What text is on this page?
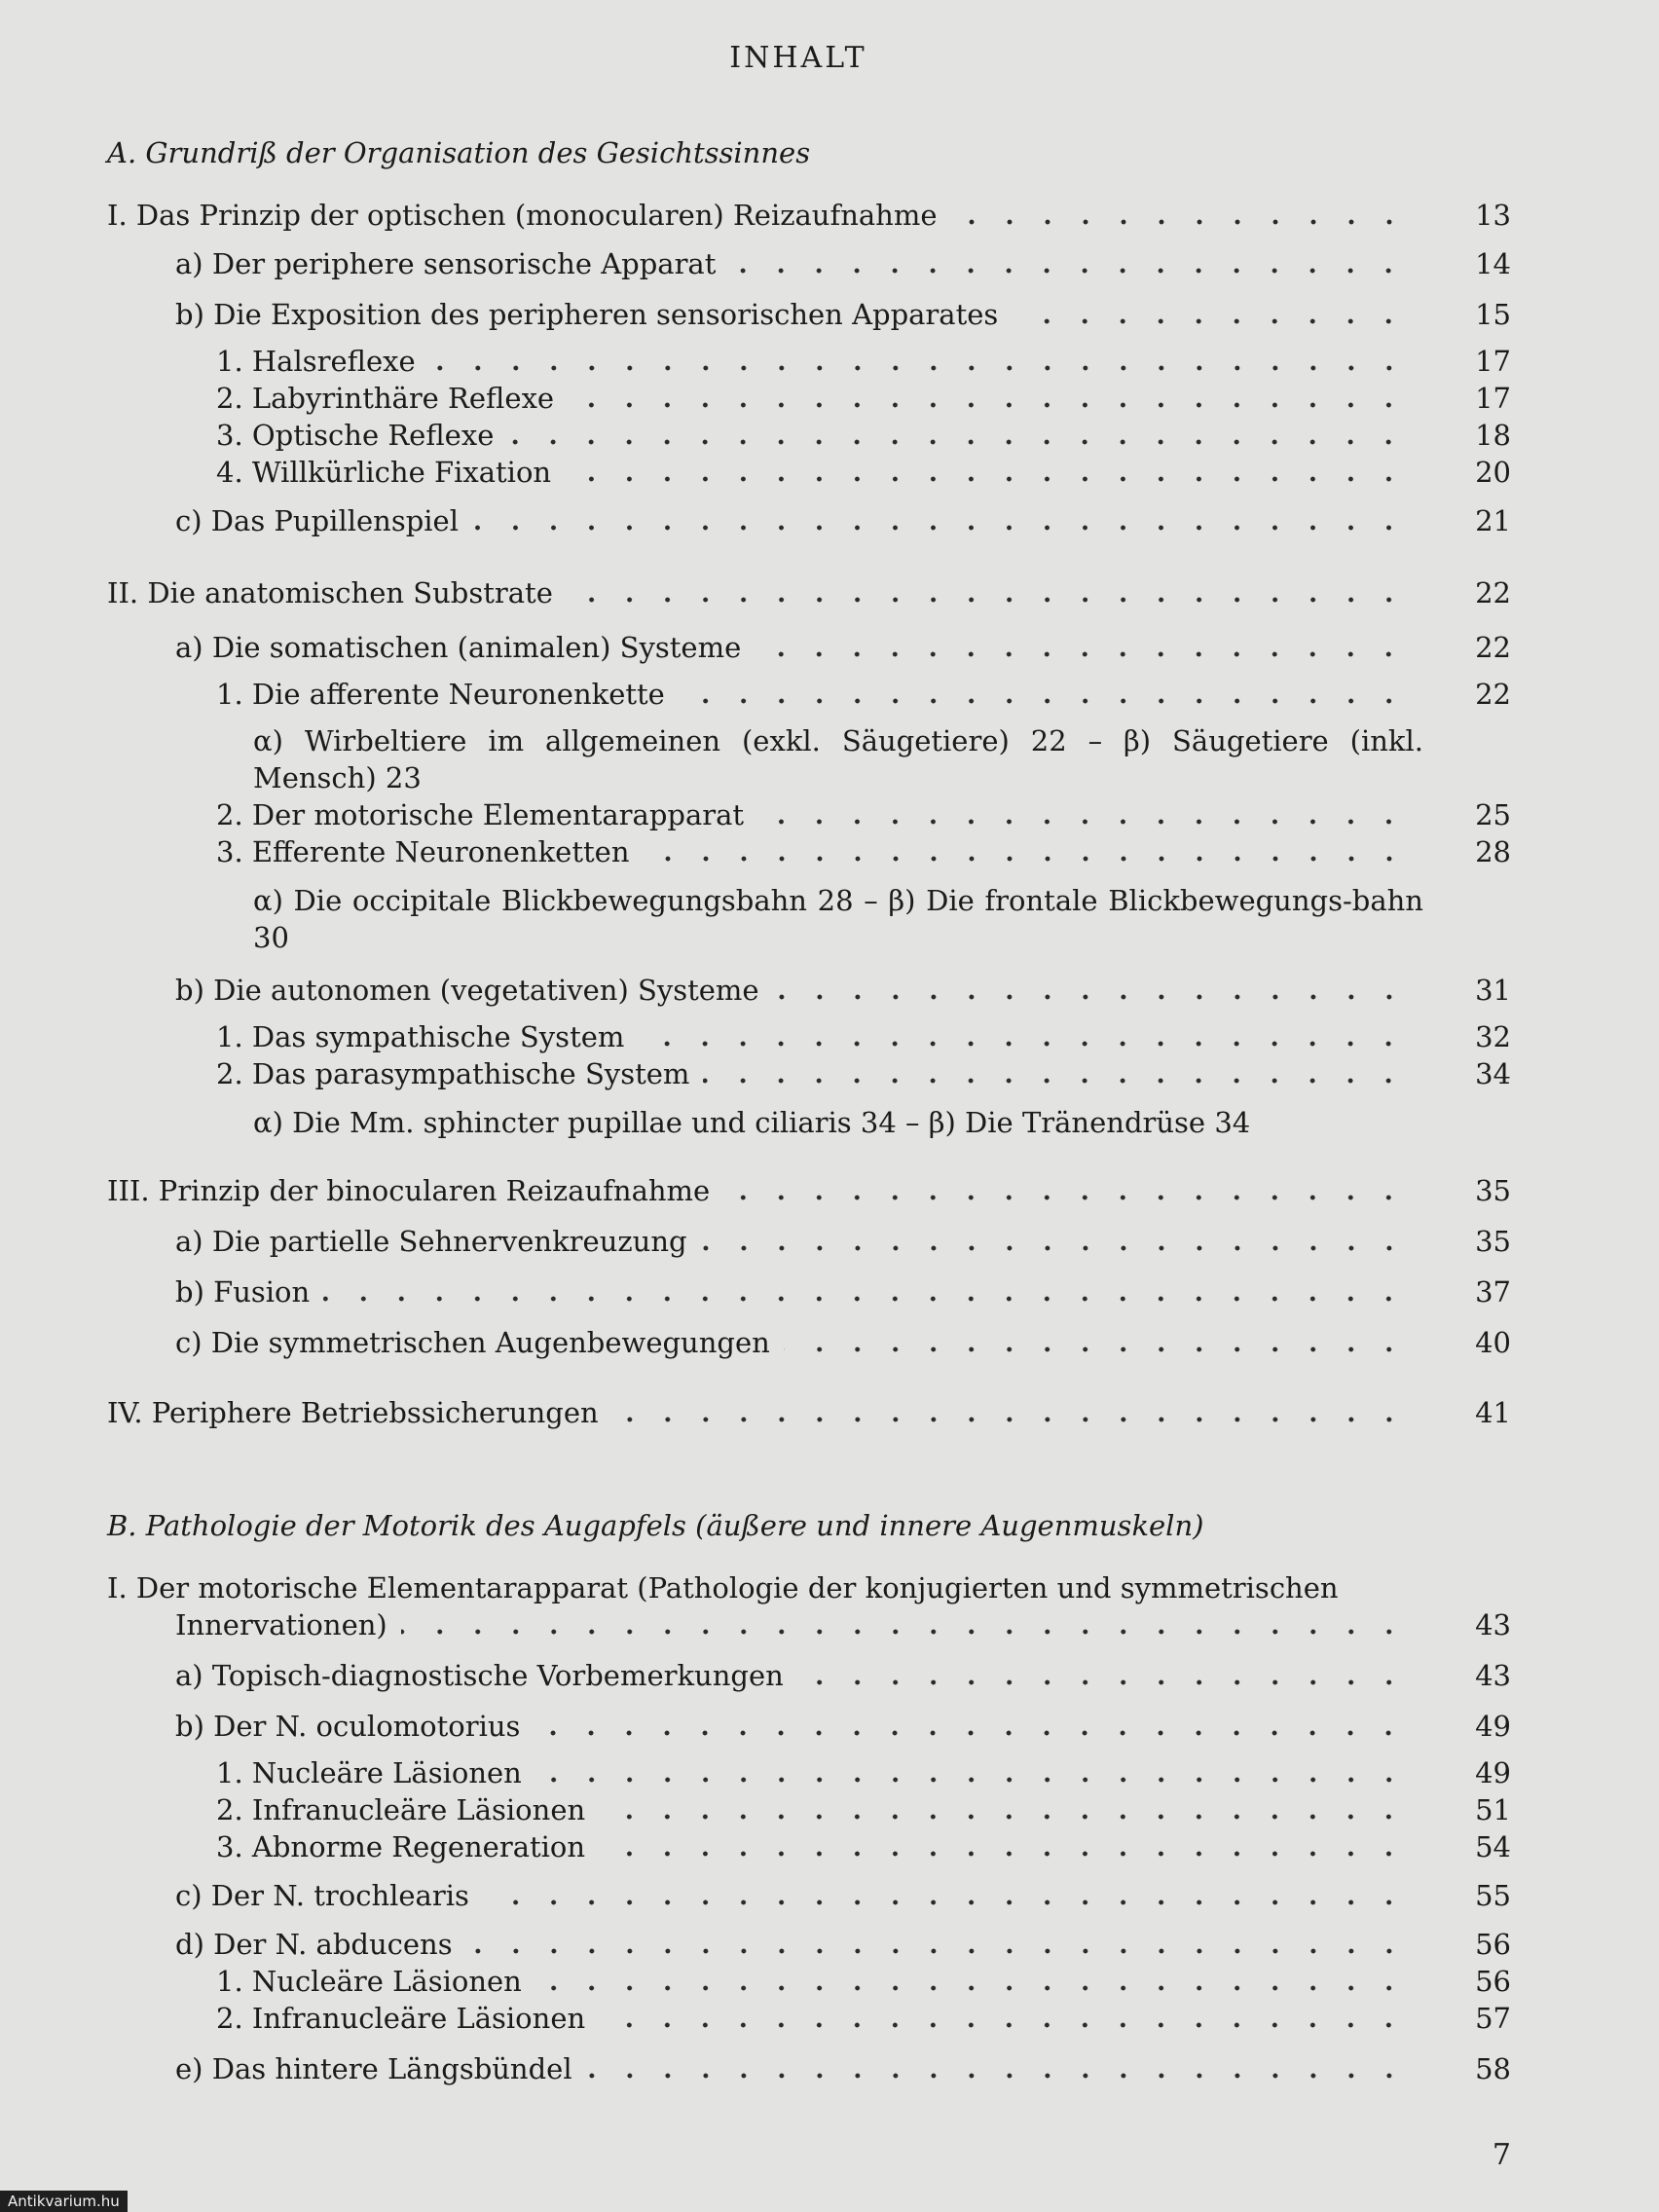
INHALT
A. Grundriß der Organisation des Gesichtssinnes
I. Das Prinzip der optischen (monocularen) Reizaufnahme	13
a) Der periphere sensorische Apparat	14
b) Die Exposition des peripheren sensorischen Apparates	15
1. Halsreflexe	17
2. Labyrinthäre Reflexe	17
3. Optische Reflexe	18
4. Willkürliche Fixation	20
c) Das Pupillenspiel	21
II. Die anatomischen Substrate	22
a) Die somatischen (animalen) Systeme	22
1. Die afferente Neuronenkette	22
α) Wirbeltiere im allgemeinen (exkl. Säugetiere) 22 – β) Säugetiere (inkl. Mensch) 23
2. Der motorische Elementarapparat	25
3. Efferente Neuronenketten	28
α) Die occipitale Blickbewegungsbahn 28 – β) Die frontale Blickbewegungs-bahn 30
b) Die autonomen (vegetativen) Systeme	31
1. Das sympathische System	32
2. Das parasympathische System	34
α) Die Mm. sphincter pupillae und ciliaris 34 – β) Die Tränendrüse 34
III. Prinzip der binocularen Reizaufnahme	35
a) Die partielle Sehnervenkreuzung	35
b) Fusion	37
c) Die symmetrischen Augenbewegungen	40
IV. Periphere Betriebssicherungen	41
B. Pathologie der Motorik des Augapfels (äußere und innere Augenmuskeln)
I. Der motorische Elementarapparat (Pathologie der konjugierten und symmetrischen
Innervationen)	43
a) Topisch-diagnostische Vorbemerkungen	43
b) Der N. oculomotorius	49
1. Nucleäre Läsionen	49
2. Infranucleäre Läsionen	51
3. Abnorme Regeneration	54
c) Der N. trochlearis	55
d) Der N. abducens	56
1. Nucleäre Läsionen	56
2. Infranucleäre Läsionen	57
e) Das hintere Längsbündel	58
7
Antikvarium.hu
